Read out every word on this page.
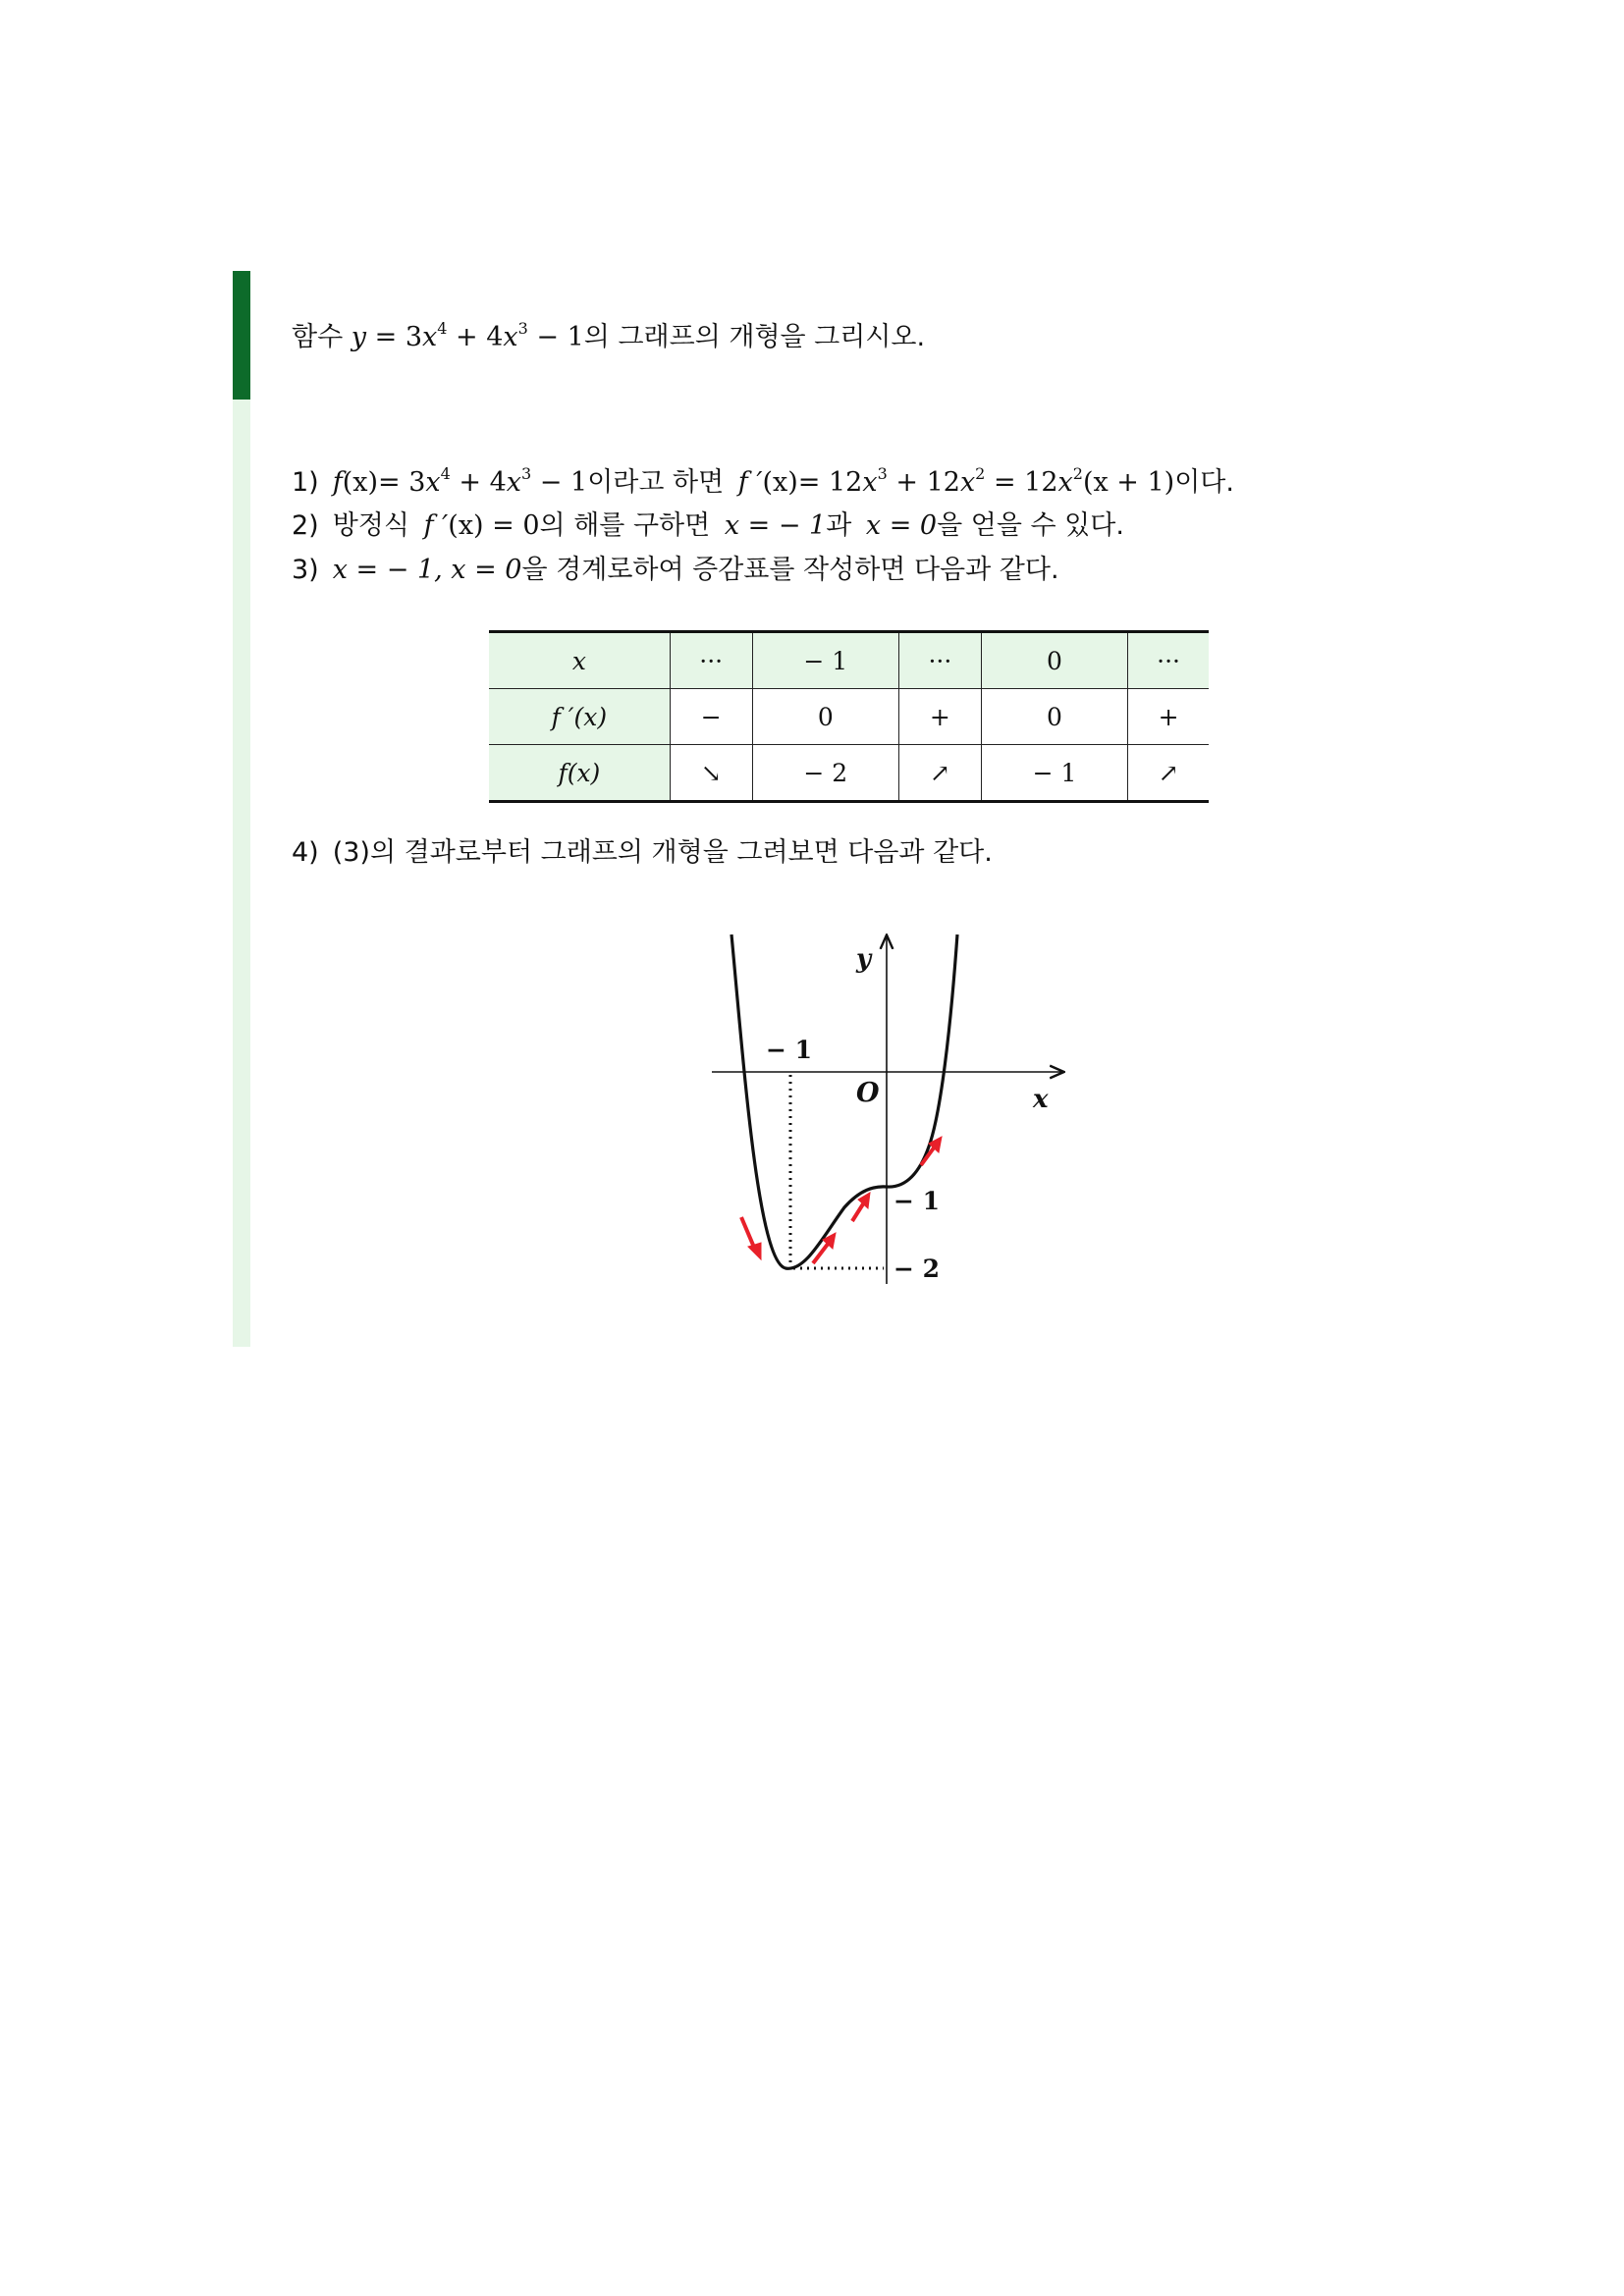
함수 $y = 3x^4 + 4x^3 - 1$의 그래프의 개형을 그리시오.
1) $f(x)= 3x^4 + 4x^3 - 1$이라고 하면 f $'(x)= 12x^3 + 12x^2 = 12x^2(x + 1)$이다.
2) 방정식 f ′(x) = 0의 해를 구하면 x = − 1과 x = 0을 얻을 수 있다.
3) x = − 1, x = 0을 경계로하여 증감표를 작성하면 다음과 같다.
x	···	− 1	···	0	···
f ′(x)	−	0	+	0	+
f(x)	↘	− 2	↗	− 1	↗
4) (3)의 결과로부터 그래프의 개형을 그려보면 다음과 같다.
y
x
O
− 1
− 1
− 2
